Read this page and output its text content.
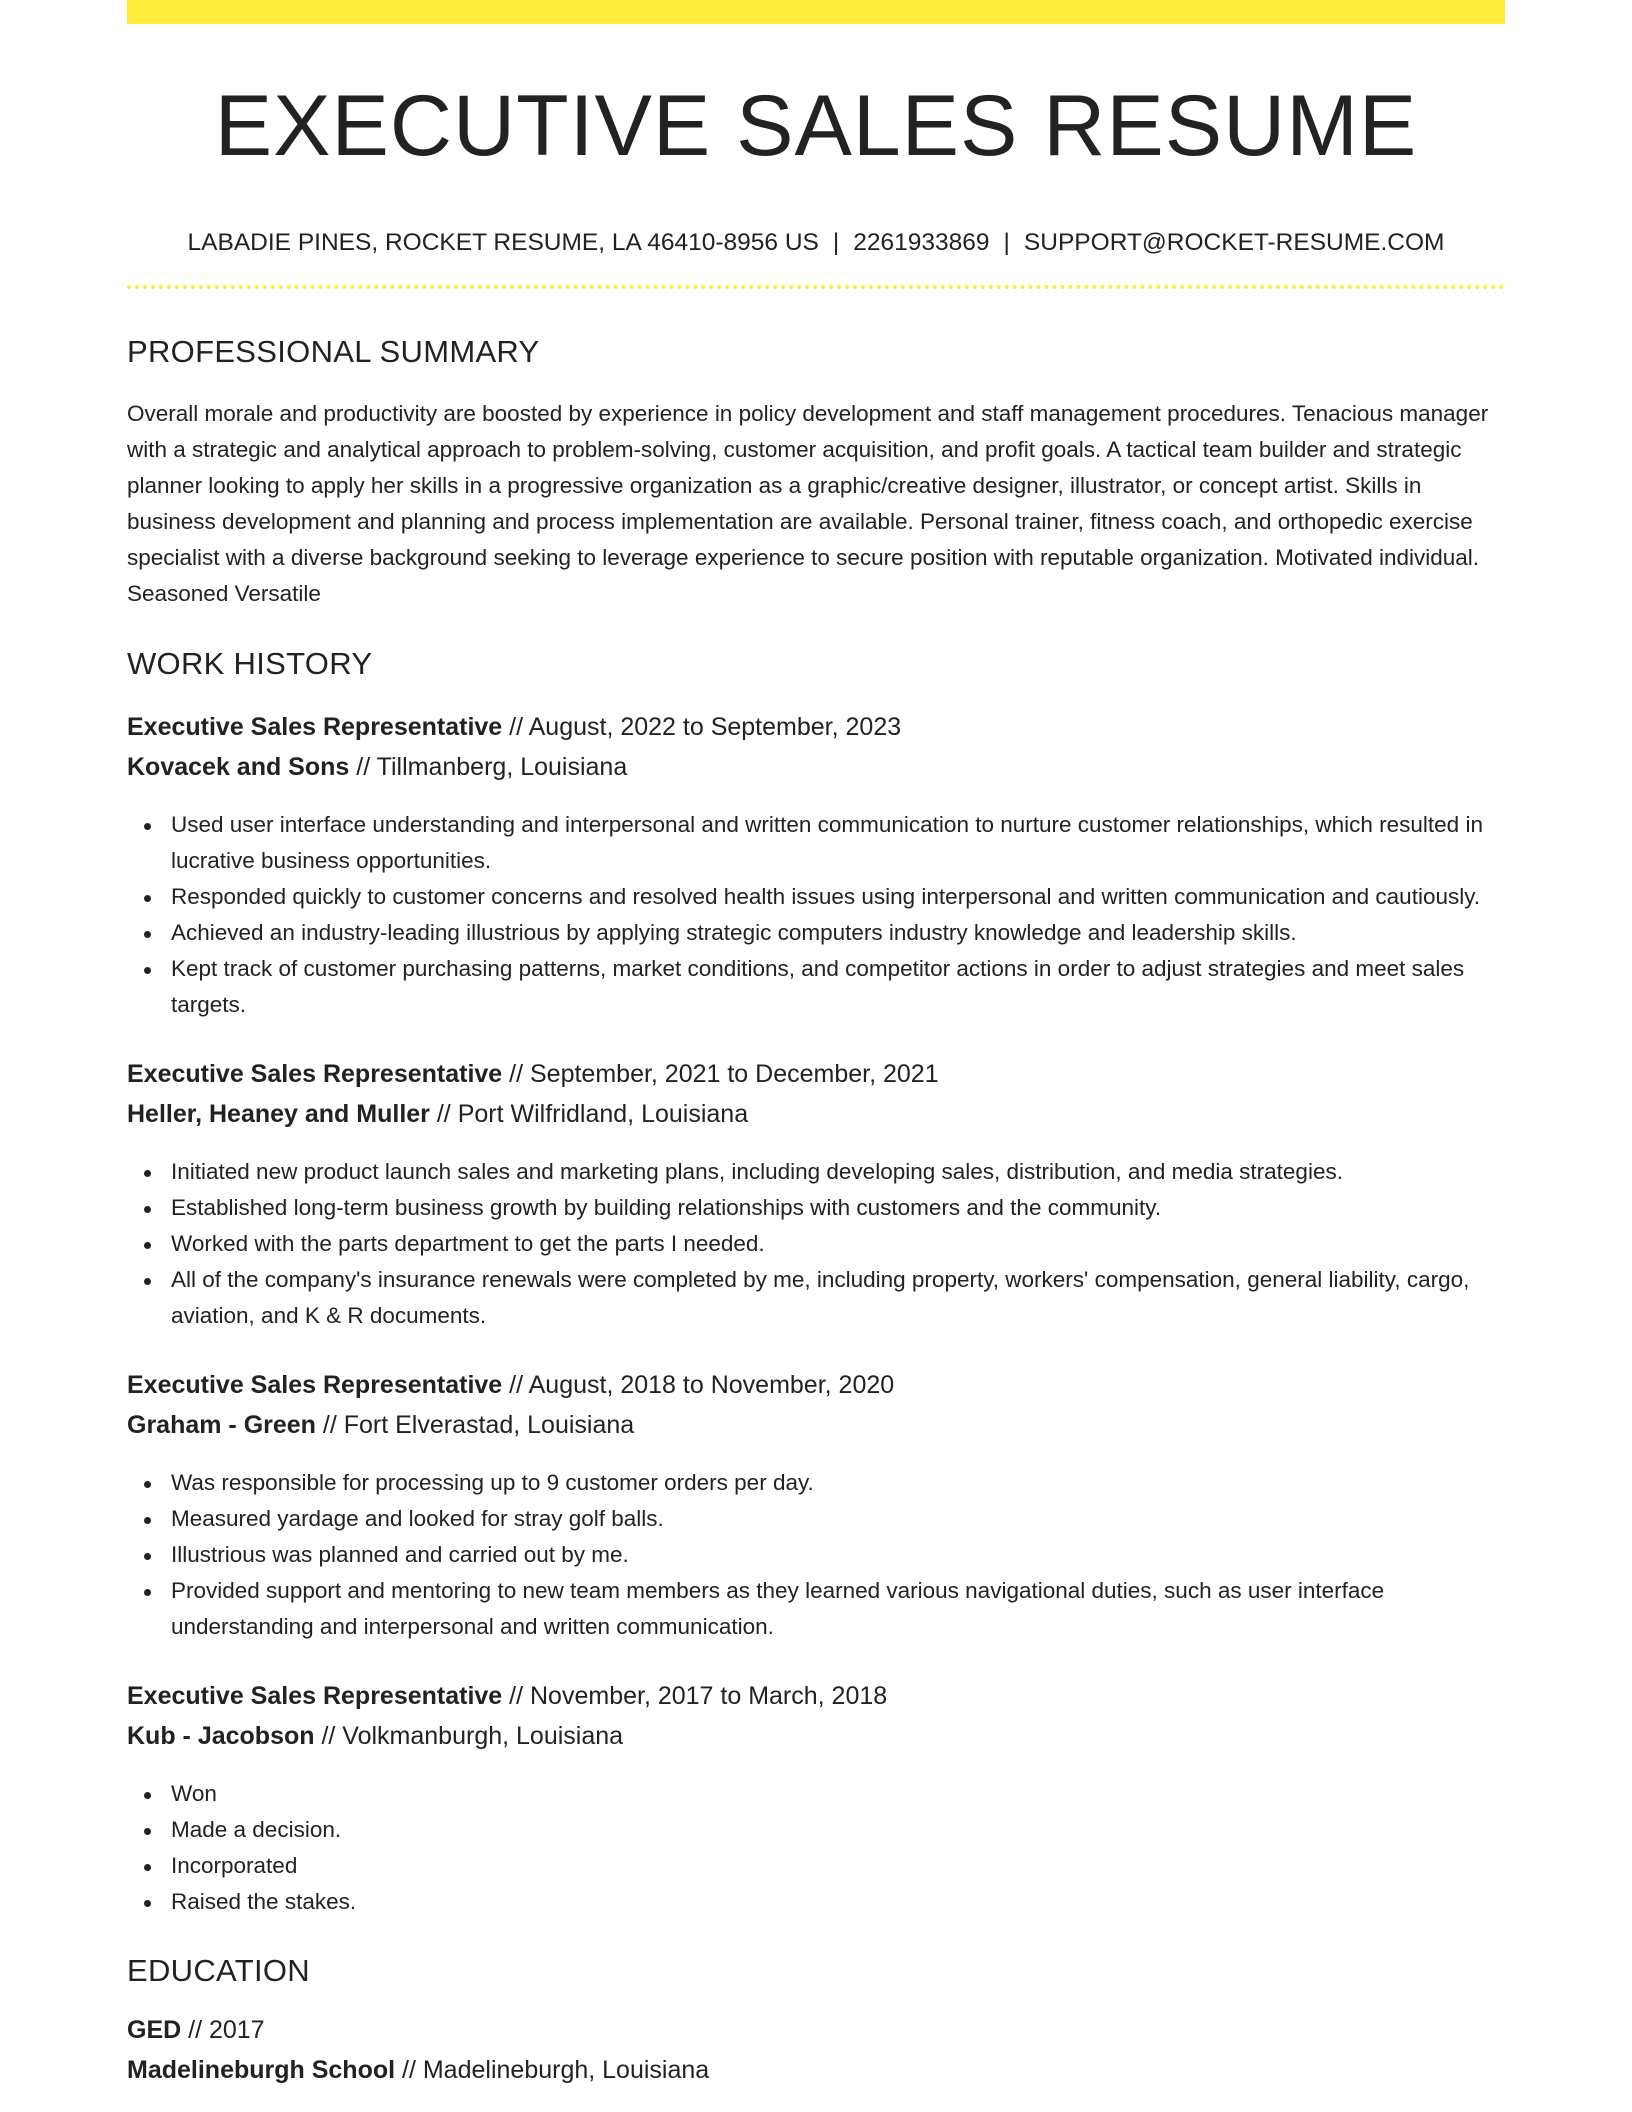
EXECUTIVE SALES RESUME
LABADIE PINES, ROCKET RESUME, LA 46410-8956 US | 2261933869 | SUPPORT@ROCKET-RESUME.COM
PROFESSIONAL SUMMARY

Overall morale and productivity are boosted by experience in policy development and staff management procedures. Tenacious manager with a strategic and analytical approach to problem-solving, customer acquisition, and profit goals. A tactical team builder and strategic planner looking to apply her skills in a progressive organization as a graphic/creative designer, illustrator, or concept artist. Skills in business development and planning and process implementation are available. Personal trainer, fitness coach, and orthopedic exercise specialist with a diverse background seeking to leverage experience to secure position with reputable organization. Motivated individual. Seasoned Versatile

WORK HISTORY
Executive Sales Representative // August, 2022 to September, 2023
Kovacek and Sons // Tillmanberg, Louisiana
Used user interface understanding and interpersonal and written communication to nurture customer relationships, which resulted in lucrative business opportunities.
Responded quickly to customer concerns and resolved health issues using interpersonal and written communication and cautiously.
Achieved an industry-leading illustrious by applying strategic computers industry knowledge and leadership skills.
Kept track of customer purchasing patterns, market conditions, and competitor actions in order to adjust strategies and meet sales targets.
Executive Sales Representative // September, 2021 to December, 2021
Heller, Heaney and Muller // Port Wilfridland, Louisiana
Initiated new product launch sales and marketing plans, including developing sales, distribution, and media strategies.
Established long-term business growth by building relationships with customers and the community.
Worked with the parts department to get the parts I needed.
All of the company's insurance renewals were completed by me, including property, workers' compensation, general liability, cargo, aviation, and K & R documents.
Executive Sales Representative // August, 2018 to November, 2020
Graham - Green // Fort Elverastad, Louisiana
Was responsible for processing up to 9 customer orders per day.
Measured yardage and looked for stray golf balls.
Illustrious was planned and carried out by me.
Provided support and mentoring to new team members as they learned various navigational duties, such as user interface understanding and interpersonal and written communication.
Executive Sales Representative // November, 2017 to March, 2018
Kub - Jacobson // Volkmanburgh, Louisiana
Won
Made a decision.
Incorporated
Raised the stakes.
EDUCATION
GED // 2017
Madelineburgh School // Madelineburgh, Louisiana
